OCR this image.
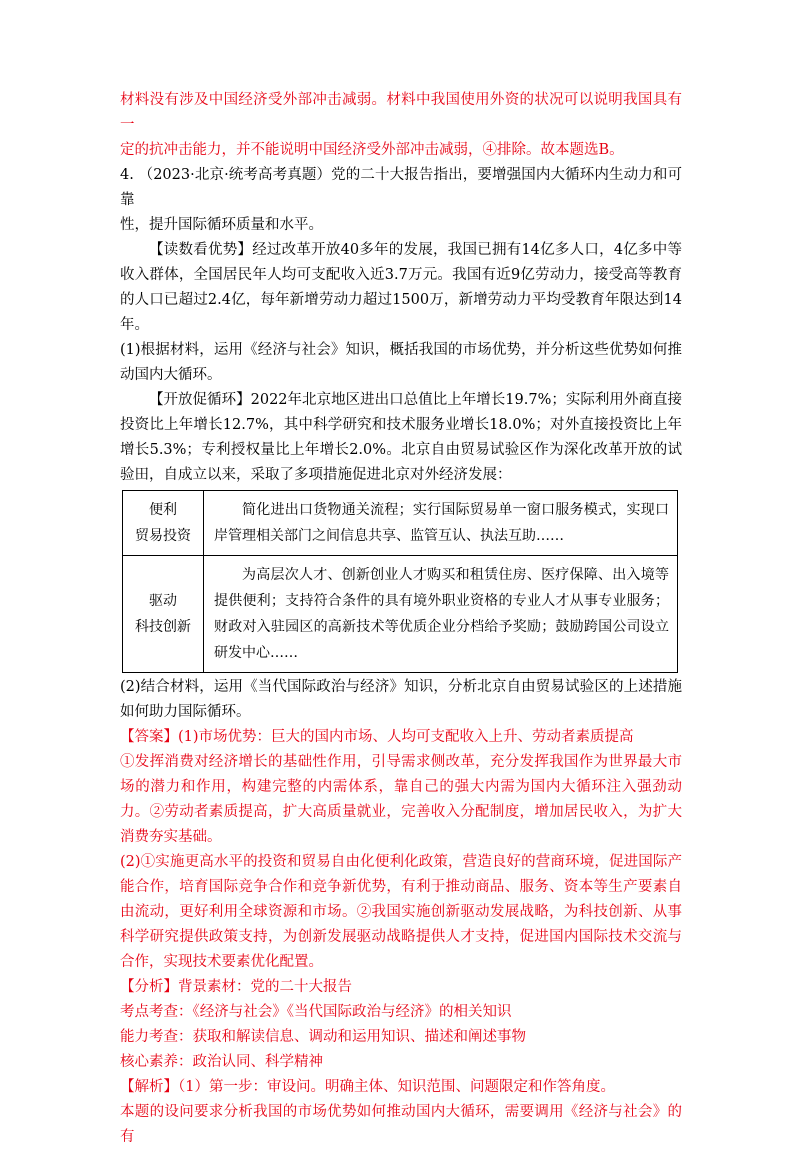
材料没有涉及中国经济受外部冲击减弱。材料中我国使用外资的状况可以说明我国具有一

定的抗冲击能力，并不能说明中国经济受外部冲击减弱，④排除。故本题选B。

4. （2023·北京·统考高考真题）党的二十大报告指出，要增强国内大循环内生动力和可靠

性，提升国际循环质量和水平。

【读数看优势】经过改革开放40多年的发展，我国已拥有14亿多人口，4亿多中等收入群体，全国居民年人均可支配收入近3.7万元。我国有近9亿劳动力，接受高等教育的人口已超过2.4亿，每年新增劳动力超过1500万，新增劳动力平均受教育年限达到14年。

(1)根据材料，运用《经济与社会》知识，概括我国的市场优势，并分析这些优势如何推动国内大循环。

【开放促循环】2022年北京地区进出口总值比上年增长19.7%；实际利用外商直接投资比上年增长12.7%，其中科学研究和技术服务业增长18.0%；对外直接投资比上年增长5.3%；专利授权量比上年增长2.0%。北京自由贸易试验区作为深化改革开放的试验田，自成立以来，采取了多项措施促进北京对外经济发展：

便利
贸易投资	简化进出口货物通关流程；实行国际贸易单一窗口服务模式，实现口岸管理相关部门之间信息共享、监管互认、执法互助……

驱动
科技创新	为高层次人才、创新创业人才购买和租赁住房、医疗保障、出入境等提供便利；支持符合条件的具有境外职业资格的专业人才从事专业服务；财政对入驻园区的高新技术等优质企业分档给予奖励；鼓励跨国公司设立研发中心……

(2)结合材料，运用《当代国际政治与经济》知识，分析北京自由贸易试验区的上述措施如何助力国际循环。

【答案】(1)市场优势：巨大的国内市场、人均可支配收入上升、劳动者素质提高

①发挥消费对经济增长的基础性作用，引导需求侧改革，充分发挥我国作为世界最大市场的潜力和作用，构建完整的内需体系，靠自己的强大内需为国内大循环注入强劲动力。②劳动者素质提高，扩大高质量就业，完善收入分配制度，增加居民收入，为扩大消费夯实基础。

(2)①实施更高水平的投资和贸易自由化便利化政策，营造良好的营商环境，促进国际产能合作，培育国际竞争合作和竞争新优势，有利于推动商品、服务、资本等生产要素自由流动，更好利用全球资源和市场。②我国实施创新驱动发展战略，为科技创新、从事科学研究提供政策支持，为创新发展驱动战略提供人才支持，促进国内国际技术交流与合作，实现技术要素优化配置。

【分析】背景素材：党的二十大报告

考点考查：《经济与社会》《当代国际政治与经济》的相关知识

能力考查：获取和解读信息、调动和运用知识、描述和阐述事物

核心素养：政治认同、科学精神

【解析】（1）第一步：审设问。明确主体、知识范围、问题限定和作答角度。

本题的设问要求分析我国的市场优势如何推动国内大循环，需要调用《经济与社会》的有
